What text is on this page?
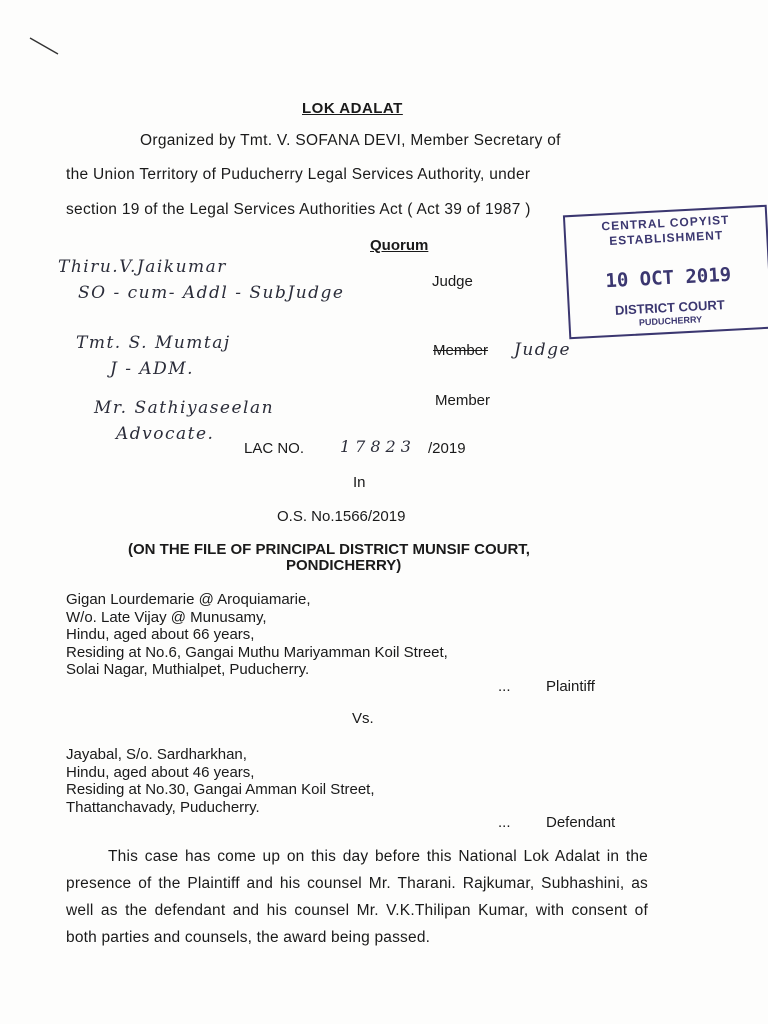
LOK ADALAT
Organized by Tmt. V. SOFANA DEVI, Member Secretary of
the Union Territory of Puducherry Legal Services Authority, under
section 19 of the Legal Services Authorities Act ( Act 39 of 1987 )
CENTRAL COPYIST
ESTABLISHMENT
10 OCT 2019
DISTRICT COURT
PUDUCHERRY
Quorum
Thiru.V.Jaikumar
SO - cum- Addl - SubJudge
Judge
Tmt. S. Mumtaj
J - ADM.
Member Judge
Mr. Sathiyaseelan
Advocate.
Member
LAC NO. 17823 /2019
In
O.S. No.1566/2019
(ON THE FILE OF PRINCIPAL DISTRICT MUNSIF COURT,
PONDICHERRY)
Gigan Lourdemarie @ Aroquiamarie,
W/o. Late Vijay @ Munusamy,
Hindu, aged about 66 years,
Residing at No.6, Gangai Muthu Mariyamman Koil Street,
Solai Nagar, Muthialpet, Puducherry.
... Plaintiff
Vs.
Jayabal, S/o. Sardharkhan,
Hindu, aged about 46 years,
Residing at No.30, Gangai Amman Koil Street,
Thattanchavady, Puducherry.
... Defendant
This case has come up on this day before this National Lok Adalat in the presence of the Plaintiff and his counsel Mr. Tharani. Rajkumar, Subhashini, as well as the defendant and his counsel Mr. V.K.Thilipan Kumar, with consent of both parties and counsels, the award being passed.
